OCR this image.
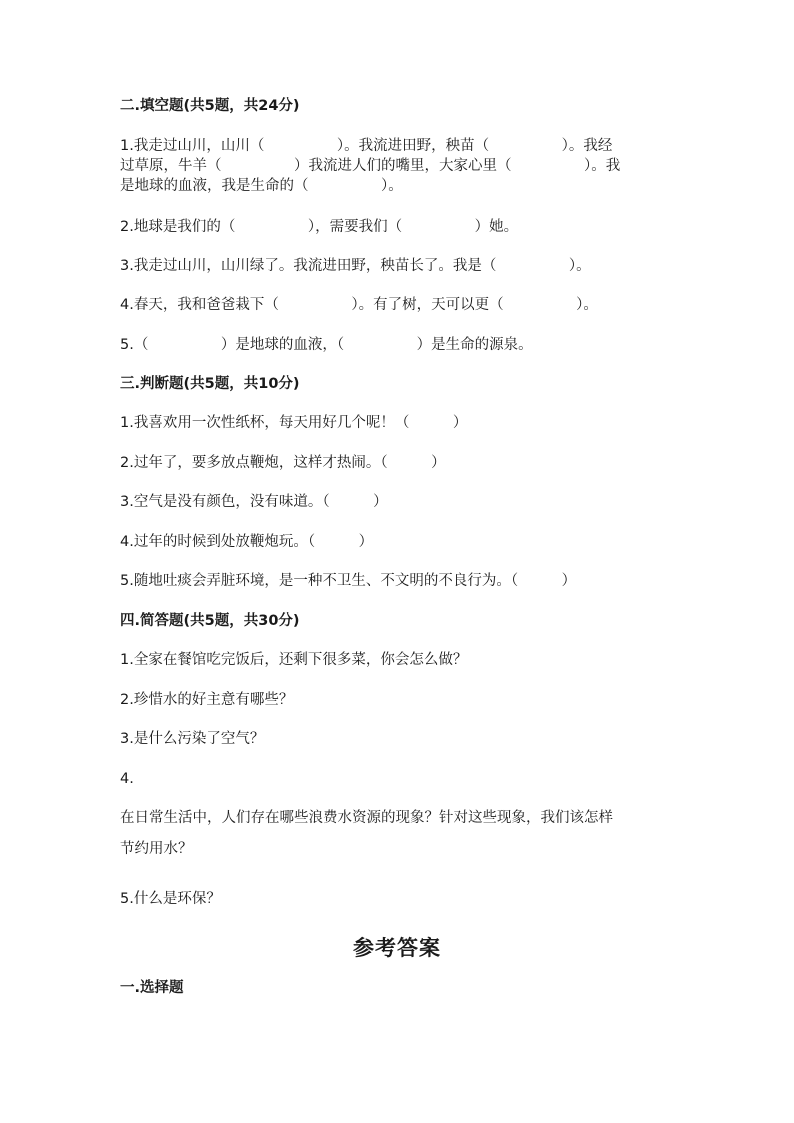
二.填空题(共5题，共24分)
1.我走过山川，山川（　　　　　）。我流进田野，秧苗（　　　　　）。我经
过草原，牛羊（　　　　　）我流进人们的嘴里，大家心里（　　　　　）。我
是地球的血液，我是生命的（　　　　　）。
2.地球是我们的（　　　　　），需要我们（　　　　　）她。
3.我走过山川，山川绿了。我流进田野，秧苗长了。我是（　　　　　）。
4.春天，我和爸爸栽下（　　　　　）。有了树，天可以更（　　　　　）。
5.（　　　　　）是地球的血液，（　　　　　）是生命的源泉。
三.判断题(共5题，共10分)
1.我喜欢用一次性纸杯，每天用好几个呢！（　　　）
2.过年了，要多放点鞭炮，这样才热闹。（　　　）
3.空气是没有颜色，没有味道。（　　　）
4.过年的时候到处放鞭炮玩。（　　　）
5.随地吐痰会弄脏环境，是一种不卫生、不文明的不良行为。（　　　）
四.简答题(共5题，共30分)
1.全家在餐馆吃完饭后，还剩下很多菜，你会怎么做？
2.珍惜水的好主意有哪些？
3.是什么污染了空气？
4.
在日常生活中，人们存在哪些浪费水资源的现象？针对这些现象，我们该怎样
节约用水？
5.什么是环保？
参考答案
一.选择题
